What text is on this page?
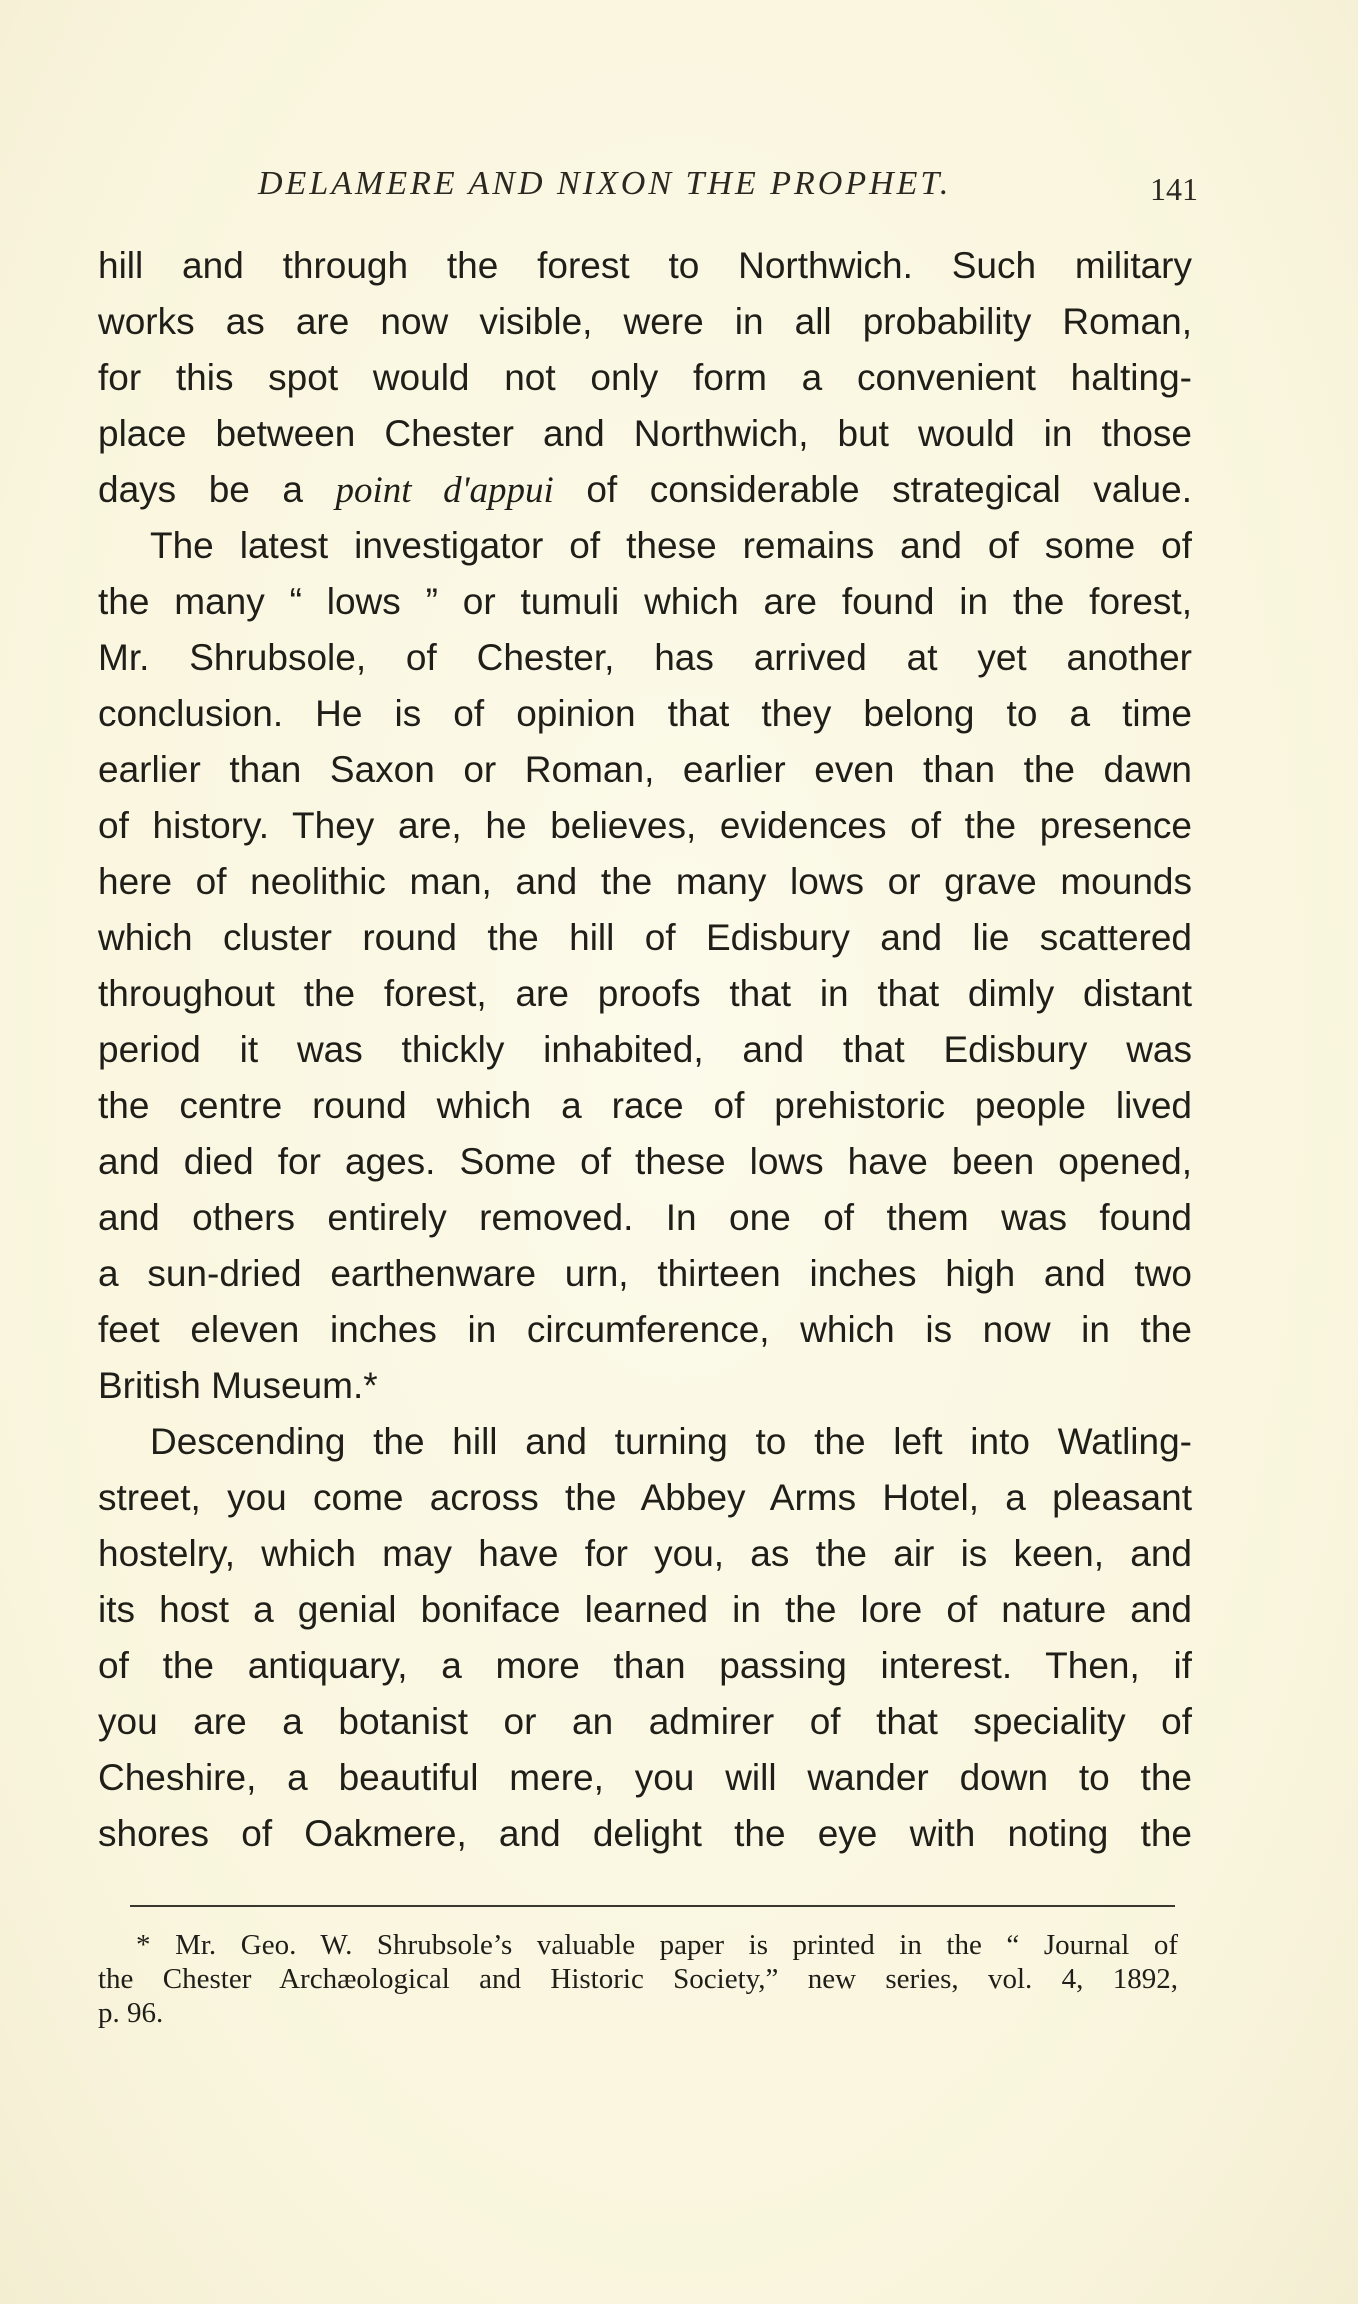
DELAMERE AND NIXON THE PROPHET.	141
hill and through the forest to Northwich. Such military
works as are now visible, were in all probability Roman,
for this spot would not only form a convenient halting-
place between Chester and Northwich, but would in those
days be a point d'appui of considerable strategical value.
The latest investigator of these remains and of some of
the many “ lows ” or tumuli which are found in the forest,
Mr. Shrubsole, of Chester, has arrived at yet another
conclusion. He is of opinion that they belong to a time
earlier than Saxon or Roman, earlier even than the dawn
of history. They are, he believes, evidences of the presence
here of neolithic man, and the many lows or grave mounds
which cluster round the hill of Edisbury and lie scattered
throughout the forest, are proofs that in that dimly distant
period it was thickly inhabited, and that Edisbury was
the centre round which a race of prehistoric people lived
and died for ages. Some of these lows have been opened,
and others entirely removed. In one of them was found
a sun-dried earthenware urn, thirteen inches high and two
feet eleven inches in circumference, which is now in the
British Museum.*
Descending the hill and turning to the left into Watling-
street, you come across the Abbey Arms Hotel, a pleasant
hostelry, which may have for you, as the air is keen, and
its host a genial boniface learned in the lore of nature and
of the antiquary, a more than passing interest. Then, if
you are a botanist or an admirer of that speciality of
Cheshire, a beautiful mere, you will wander down to the
shores of Oakmere, and delight the eye with noting the
* Mr. Geo. W. Shrubsole’s valuable paper is printed in the “ Journal of
the Chester Archæological and Historic Society,” new series, vol. 4, 1892,
p. 96.
